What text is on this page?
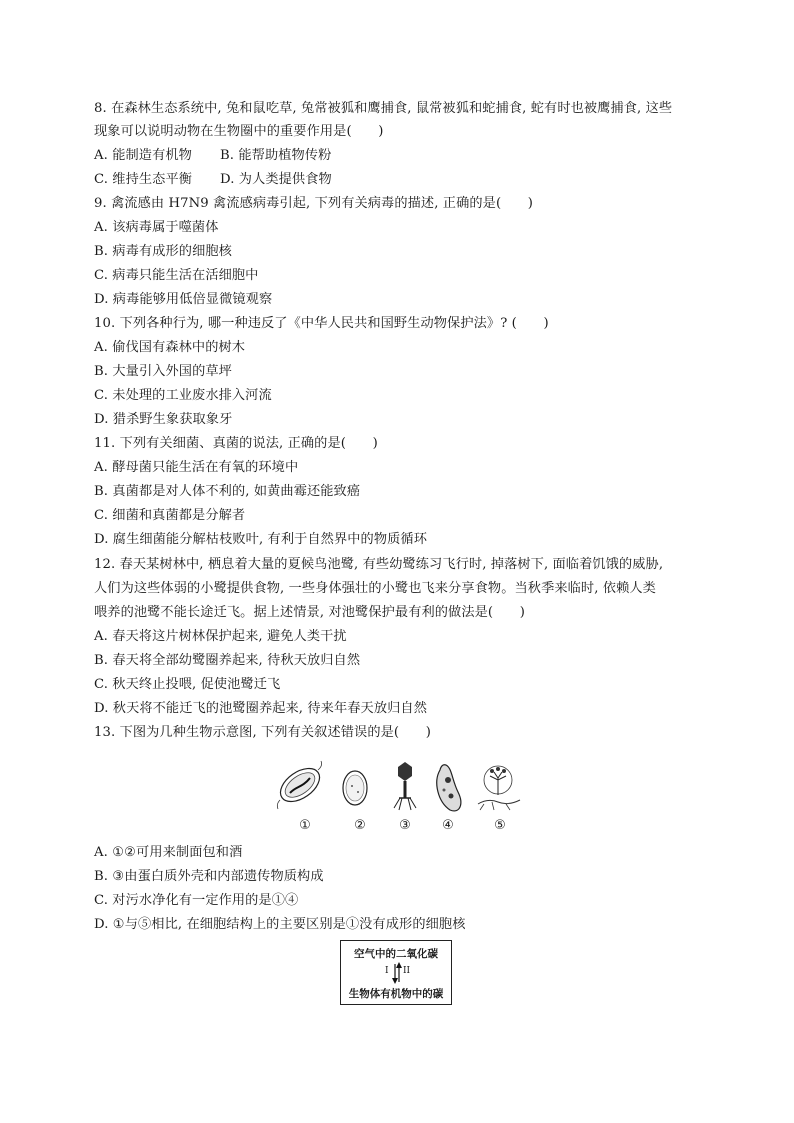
8. 在森林生态系统中, 兔和鼠吃草, 兔常被狐和鹰捕食, 鼠常被狐和蛇捕食, 蛇有时也被鹰捕食, 这些
现象可以说明动物在生物圈中的重要作用是(　　)
A. 能制造有机物 B. 能帮助植物传粉
C. 维持生态平衡 D. 为人类提供食物
9. 禽流感由 H7N9 禽流感病毒引起, 下列有关病毒的描述, 正确的是(　　)
A. 该病毒属于噬菌体
B. 病毒有成形的细胞核
C. 病毒只能生活在活细胞中
D. 病毒能够用低倍显微镜观察
10. 下列各种行为, 哪一种违反了《中华人民共和国野生动物保护法》? (　　)
A. 偷伐国有森林中的树木
B. 大量引入外国的草坪
C. 未处理的工业废水排入河流
D. 猎杀野生象获取象牙
11. 下列有关细菌、真菌的说法, 正确的是(　　)
A. 酵母菌只能生活在有氧的环境中
B. 真菌都是对人体不利的, 如黄曲霉还能致癌
C. 细菌和真菌都是分解者
D. 腐生细菌能分解枯枝败叶, 有利于自然界中的物质循环
12. 春天某树林中, 栖息着大量的夏候鸟池鹭, 有些幼鹭练习飞行时, 掉落树下, 面临着饥饿的威胁,
人们为这些体弱的小鹭提供食物, 一些身体强壮的小鹭也飞来分享食物。当秋季来临时, 依赖人类
喂养的池鹭不能长途迁飞。据上述情景, 对池鹭保护最有利的做法是(　　)
A. 春天将这片树林保护起来, 避免人类干扰
B. 春天将全部幼鹭圈养起来, 待秋天放归自然
C. 秋天终止投喂, 促使池鹭迁飞
D. 秋天将不能迁飞的池鹭圈养起来, 待来年春天放归自然
13. 下图为几种生物示意图, 下列有关叙述错误的是(　　)
①	②	③ ④	⑤
A. ①②可用来制面包和酒
B. ③由蛋白质外壳和内部遗传物质构成
C. 对污水净化有一定作用的是①④
D. ①与⑤相比, 在细胞结构上的主要区别是①没有成形的细胞核
空气中的二氧化碳
I II
生物体有机物中的碳
